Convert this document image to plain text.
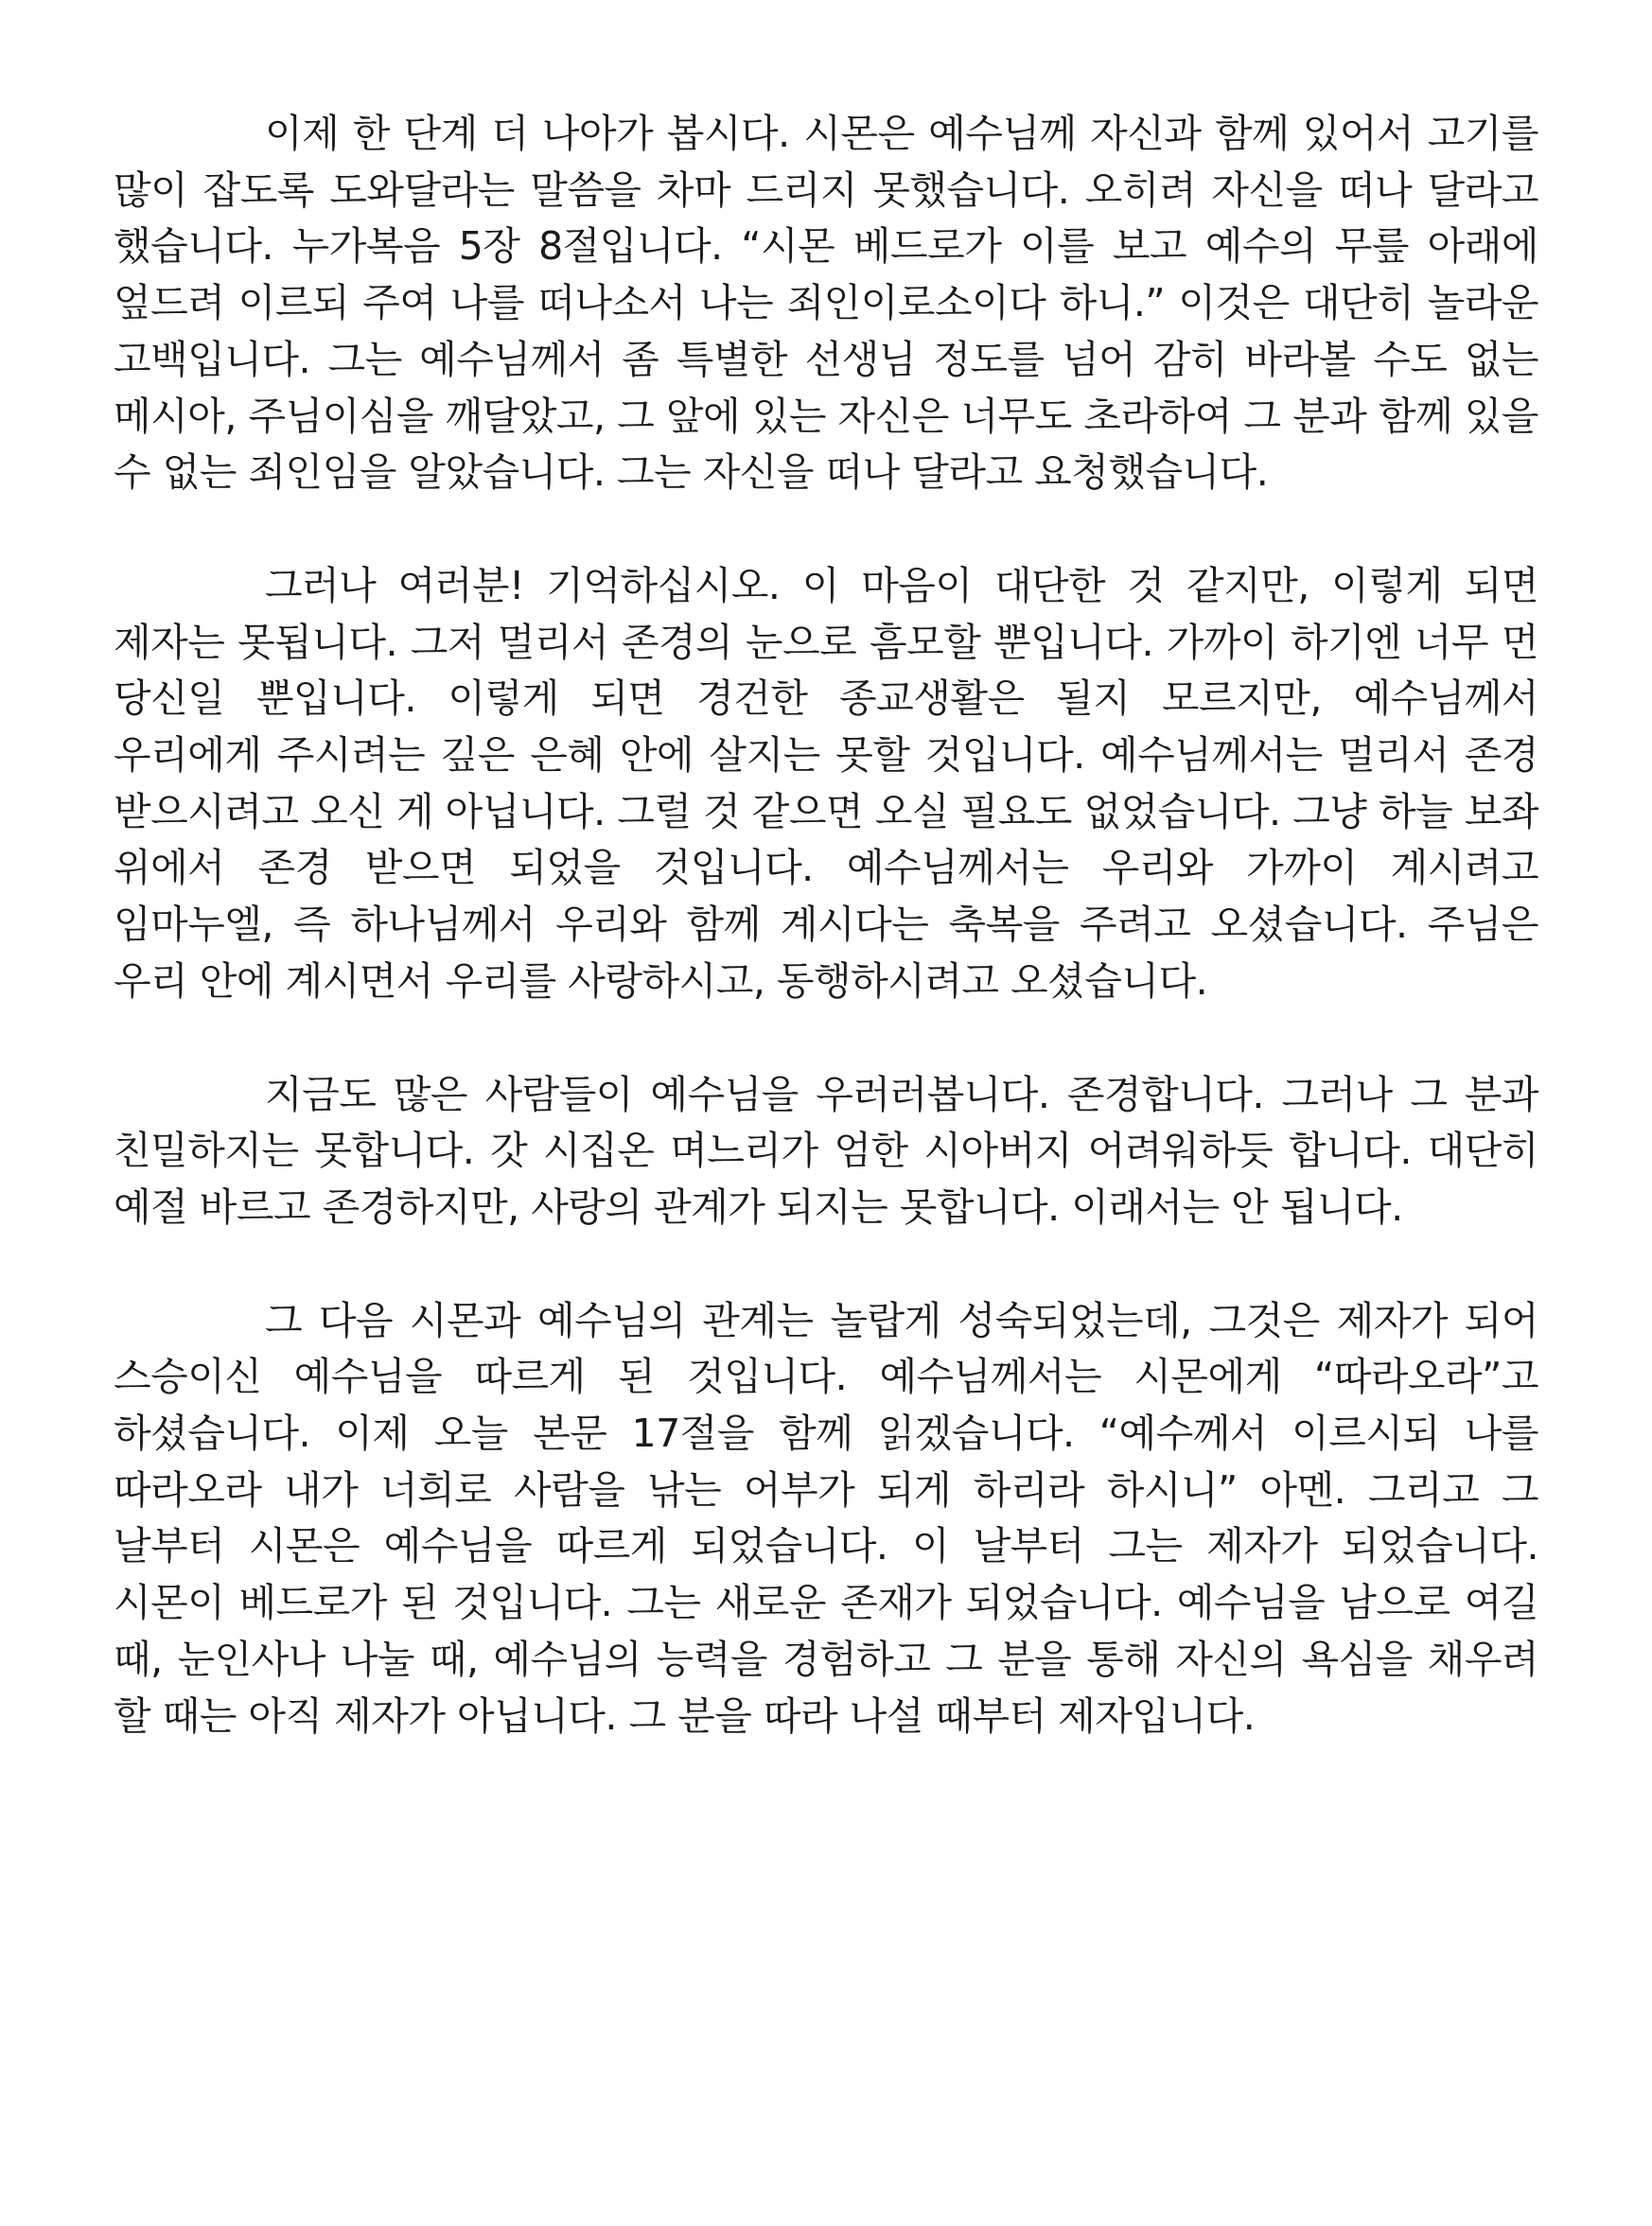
이제 한 단계 더 나아가 봅시다. 시몬은 예수님께 자신과 함께 있어서 고기를 많이 잡도록 도와달라는 말씀을 차마 드리지 못했습니다. 오히려 자신을 떠나 달라고 했습니다. 누가복음 5장 8절입니다. “시몬 베드로가 이를 보고 예수의 무릎 아래에 엎드려 이르되 주여 나를 떠나소서 나는 죄인이로소이다 하니.” 이것은 대단히 놀라운 고백입니다. 그는 예수님께서 좀 특별한 선생님 정도를 넘어 감히 바라볼 수도 없는 메시아, 주님이심을 깨달았고, 그 앞에 있는 자신은 너무도 초라하여 그 분과 함께 있을 수 없는 죄인임을 알았습니다. 그는 자신을 떠나 달라고 요청했습니다.

그러나 여러분! 기억하십시오. 이 마음이 대단한 것 같지만, 이렇게 되면 제자는 못됩니다. 그저 멀리서 존경의 눈으로 흠모할 뿐입니다. 가까이 하기엔 너무 먼 당신일 뿐입니다. 이렇게 되면 경건한 종교생활은 될지 모르지만, 예수님께서 우리에게 주시려는 깊은 은혜 안에 살지는 못할 것입니다. 예수님께서는 멀리서 존경 받으시려고 오신 게 아닙니다. 그럴 것 같으면 오실 필요도 없었습니다. 그냥 하늘 보좌 위에서 존경 받으면 되었을 것입니다. 예수님께서는 우리와 가까이 계시려고 임마누엘, 즉 하나님께서 우리와 함께 계시다는 축복을 주려고 오셨습니다. 주님은 우리 안에 계시면서 우리를 사랑하시고, 동행하시려고 오셨습니다.

지금도 많은 사람들이 예수님을 우러러봅니다. 존경합니다. 그러나 그 분과 친밀하지는 못합니다. 갓 시집온 며느리가 엄한 시아버지 어려워하듯 합니다. 대단히 예절 바르고 존경하지만, 사랑의 관계가 되지는 못합니다. 이래서는 안 됩니다.

그 다음 시몬과 예수님의 관계는 놀랍게 성숙되었는데, 그것은 제자가 되어 스승이신 예수님을 따르게 된 것입니다. 예수님께서는 시몬에게 “따라오라”고 하셨습니다. 이제 오늘 본문 17절을 함께 읽겠습니다. “예수께서 이르시되 나를 따라오라 내가 너희로 사람을 낚는 어부가 되게 하리라 하시니” 아멘. 그리고 그 날부터 시몬은 예수님을 따르게 되었습니다. 이 날부터 그는 제자가 되었습니다. 시몬이 베드로가 된 것입니다. 그는 새로운 존재가 되었습니다. 예수님을 남으로 여길 때, 눈인사나 나눌 때, 예수님의 능력을 경험하고 그 분을 통해 자신의 욕심을 채우려 할 때는 아직 제자가 아닙니다. 그 분을 따라 나설 때부터 제자입니다.
